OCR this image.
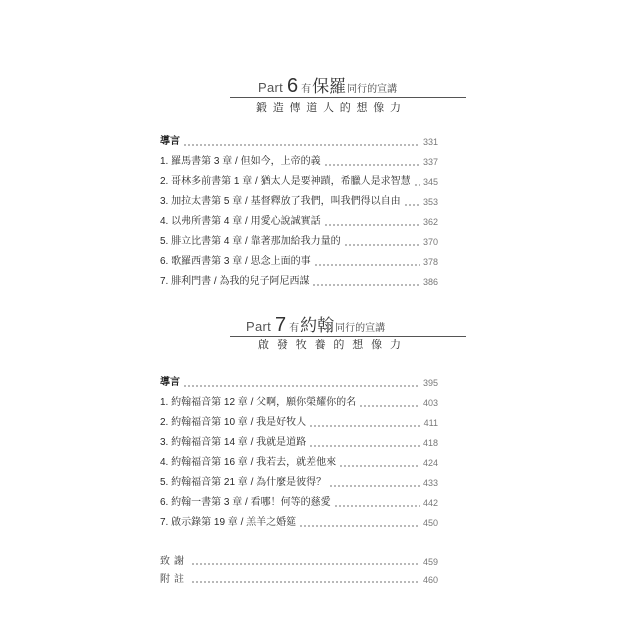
Part 6 有 保羅 同行的宣講
鍛造傳道人的想像力
導言	331
1. 羅馬書第 3 章 / 但如今，上帝的義	337
2. 哥林多前書第 1 章 / 猶太人是要神蹟，希臘人是求智慧 345
3. 加拉太書第 5 章 / 基督釋放了我們，叫我們得以自由 353
4. 以弗所書第 4 章 / 用愛心說誠實話	362
5. 腓立比書第 4 章 / 靠著那加給我力量的	370
6. 歌羅西書第 3 章 / 思念上面的事	378
7. 腓利門書 / 為我的兒子阿尼西謀	386
Part 7 有 約翰 同行的宣講
啟發牧養的想像力
導言	395
1. 約翰福音第 12 章 / 父啊，願你榮耀你的名	403
2. 約翰福音第 10 章 / 我是好牧人	411
3. 約翰福音第 14 章 / 我就是道路	418
4. 約翰福音第 16 章 / 我若去，就差他來	424
5. 約翰福音第 21 章 / 為什麼是彼得？	433
6. 約翰一書第 3 章 / 看哪！何等的慈愛	442
7. 啟示錄第 19 章 / 羔羊之婚筵	450
致謝	459
附註	460
